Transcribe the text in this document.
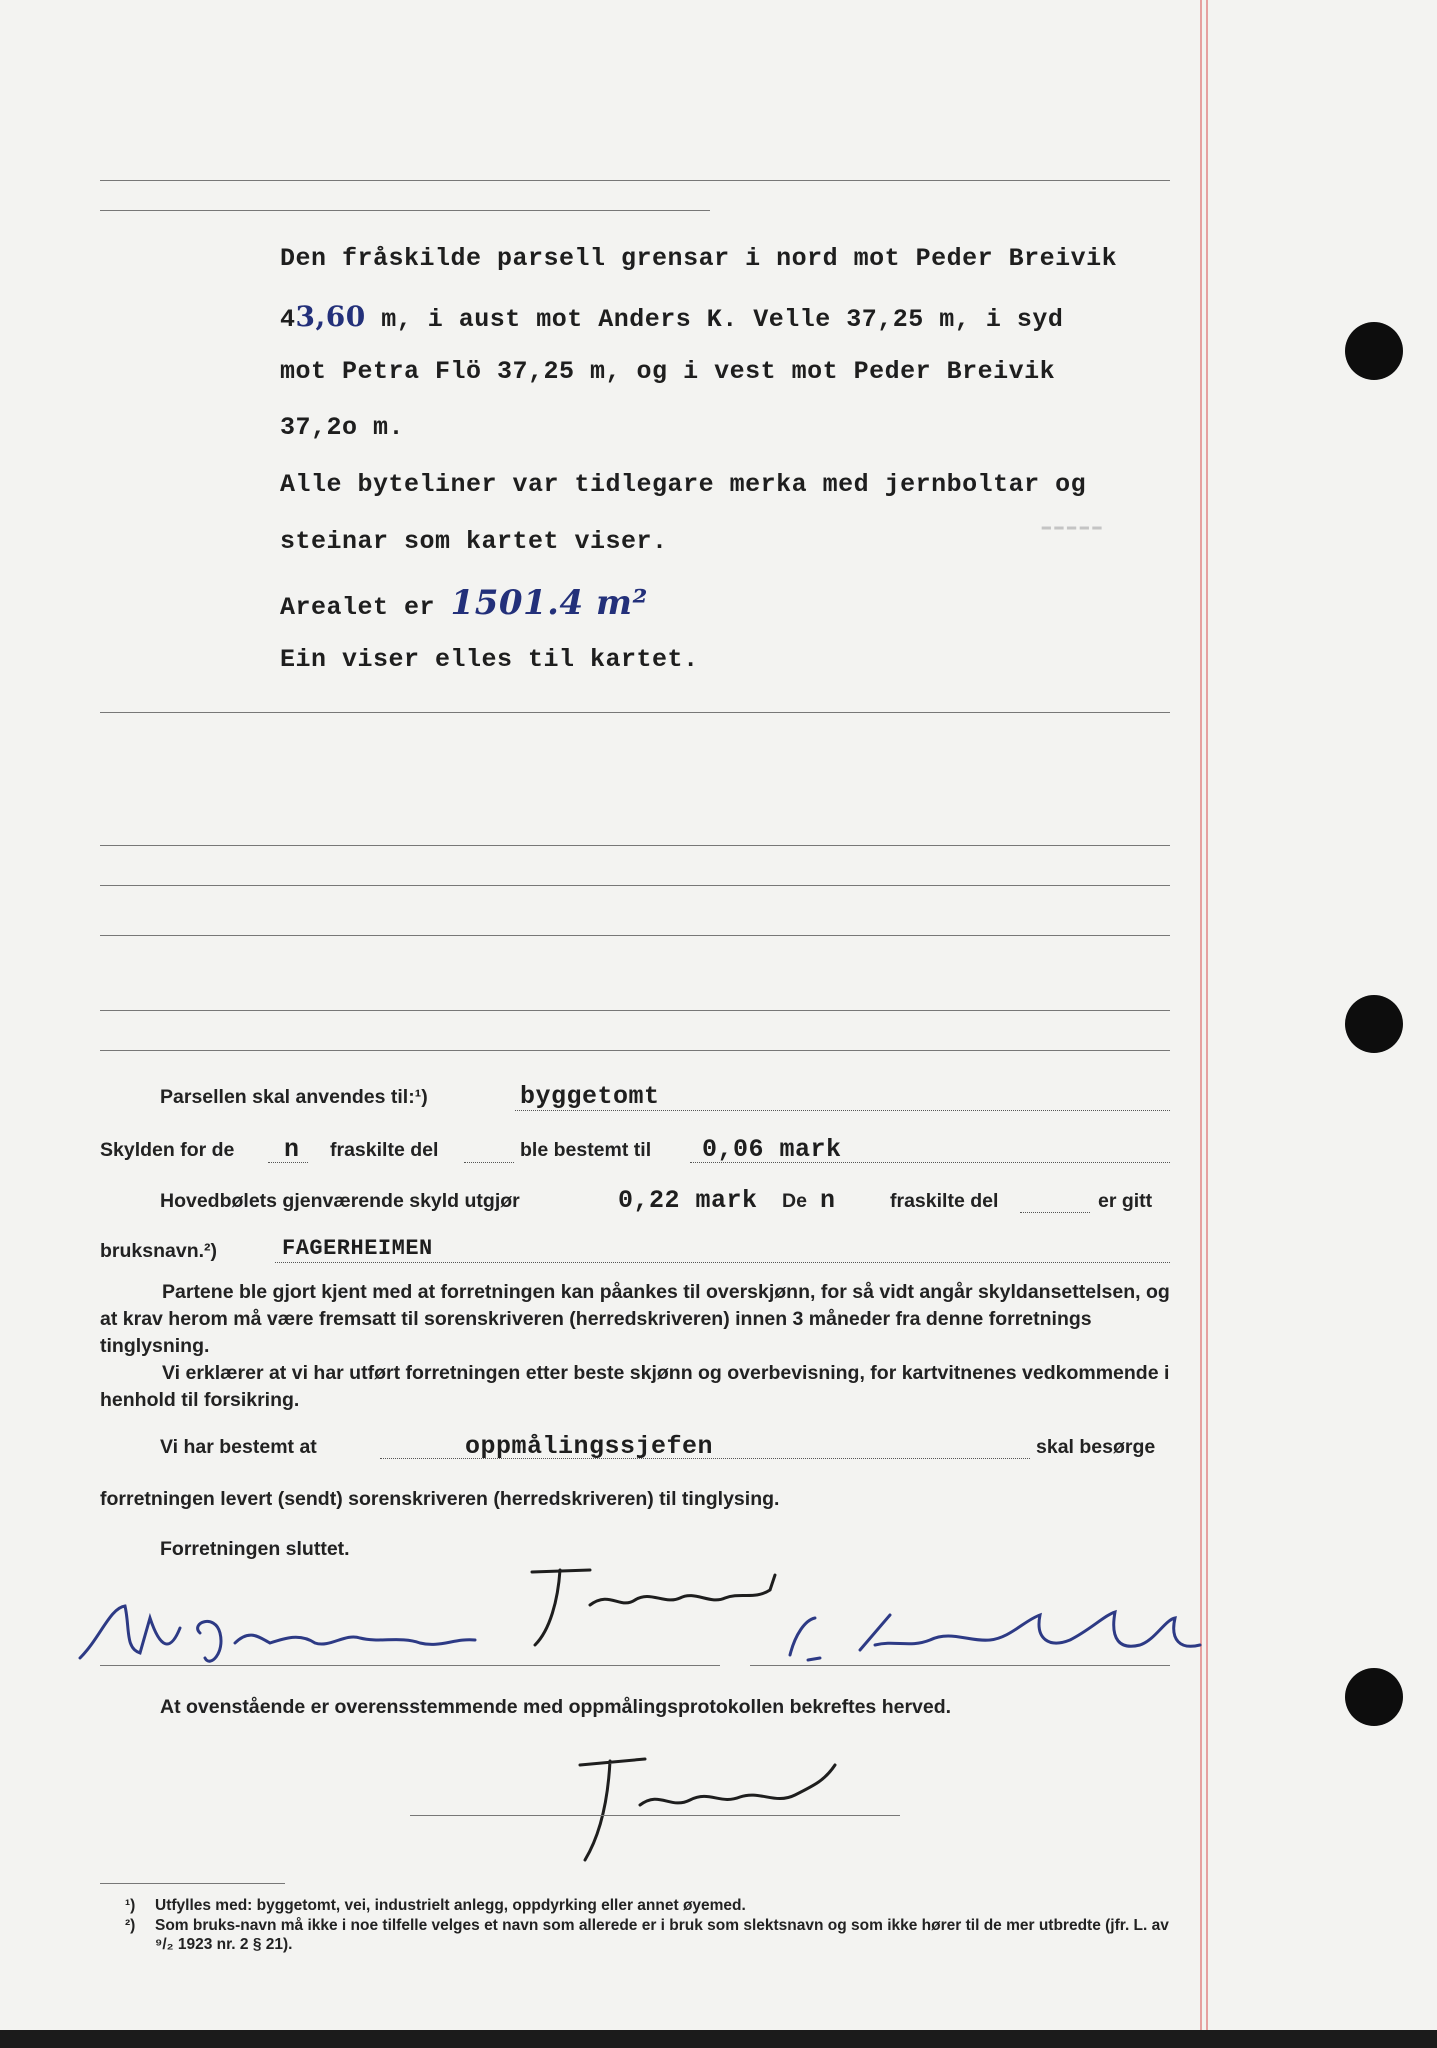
-----
Den fråskilde parsell grensar i nord mot Peder Breivik
43,60 m, i aust mot Anders K. Velle 37,25 m, i syd
mot Petra Flö 37,25 m, og i vest mot Peder Breivik
37,2o m.
Alle byteliner var tidlegare merka med jernboltar og
steinar som kartet viser.
Arealet er 1501.4 m²
Ein viser elles til kartet.
Parsellen skal anvendes til:¹)	byggetomt
Skylden for de n fraskilte del	ble bestemt til 0,06 mark
Hovedbølets gjenværende skyld utgjør	0,22 mark De n	fraskilte del	er gitt
bruksnavn.²)	FAGERHEIMEN

Partene ble gjort kjent med at forretningen kan påankes til overskjønn, for så vidt angår skyldansettelsen, og at krav herom må være fremsatt til sorenskriveren (herredskriveren) innen 3 måneder fra denne forretnings tinglysning.

Vi erklærer at vi har utført forretningen etter beste skjønn og overbevisning, for kartvitnenes vedkommende i henhold til forsikring.

Vi har bestemt at	oppmålingssjefen	skal besørge
forretningen levert (sendt) sorenskriveren (herredskriveren) til tinglysing.
Forretningen sluttet.
At ovenstående er overensstemmende med oppmålingsprotokollen bekreftes herved.
¹) Utfylles med: byggetomt, vei, industrielt anlegg, oppdyrking eller annet øyemed.
²) Som bruks-navn må ikke i noe tilfelle velges et navn som allerede er i bruk som slektsnavn og som ikke hører til de mer utbredte (jfr. L. av ⁹/₂ 1923 nr. 2 § 21).
